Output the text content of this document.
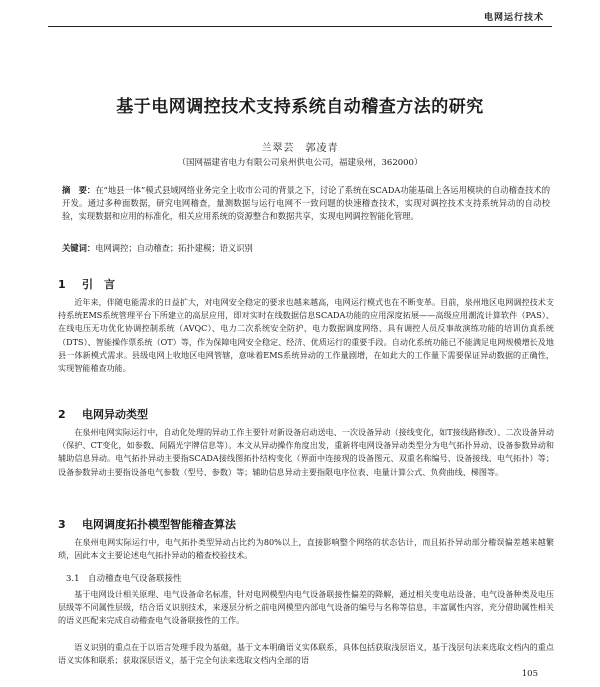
电网运行技术
基于电网调控技术支持系统自动稽查方法的研究
兰翠芸　郭凌青
（国网福建省电力有限公司泉州供电公司，福建泉州，362000）
摘　要：在“地县一体”模式县域网络业务完全上收市公司的背景之下，讨论了系统在SCADA功能基础上各运用模块的自动稽查技术的开发。通过多种面数据，研究电网稽查，量测数据与运行电网不一致问题的快速稽查技术，实现对调控技术支持系统异动的自动校验，实现数据和应用的标准化，相关应用系统的资源整合和数据共享，实现电网调控智能化管理。
关键词：电网调控；自动稽查；拓扑建模；语义识别
1 引　言

近年来，伴随电能需求的日益扩大，对电网安全稳定的要求也越来越高，电网运行模式也在不断变革。目前，泉州地区电网调控技术支持系统EMS系统管理平台下所建立的高层应用，即对实时在线数据信息SCADA功能的应用深度拓展——高级应用潮流计算软件（PAS）、在线电压无功优化协调控制系统（AVQC）、电力二次系统安全防护、电力数据调度网络、具有调控人员反事故演练功能的培训仿真系统（DTS）、智能操作票系统（OT）等，作为保障电网安全稳定、经济、优质运行的重要手段。自动化系统功能已不能满足电网规模增长及地县一体新模式需求。县级电网上收地区电网管辖，意味着EMS系统异动的工作量剧增，在如此大的工作量下需要保证异动数据的正确性，实现智能稽查功能。

2 电网异动类型

在泉州电网实际运行中，自动化处理的异动工作主要针对新设备启动送电、一次设备异动（接线变化，如T接线路修改）、二次设备异动（保护、CT变化，如参数、间隔光字牌信息等）。本文从异动操作角度出发，重新将电网设备异动类型分为电气拓扑异动、设备参数异动和辅助信息异动。电气拓扑异动主要指SCADA接线图拓扑结构变化（界面中连接现的设备图元、双重名称编号、设备接线、电气拓扑）等；设备参数异动主要指设备电气参数（型号、参数）等；辅助信息异动主要指限电序位表、电量计算公式、负荷曲线、梯图等。

3 电网调度拓扑模型智能稽查算法

在泉州电网实际运行中，电气拓扑类型异动占比约为80%以上，直接影响整个网络的状态估计，而且拓扑异动部分稽误偏差越来越繁琐，因此本文主要论述电气拓扑异动的稽查校验技术。

3.1　 自动稽查电气设备联接性

基于电网设计相关原理、电气设备命名标准，针对电网模型内电气设备联接性偏差的降解，通过相关变电站设备、电气设备种类及电压层级等不同属性层级，结合语义识别技术，来逐层分析之前电网模型内部电气设备的编号与名称等信息，丰富属性内容，充分借助属性相关的语义匹配来完成自动稽查电气设备联接性的工作。

语义识别的重点在于以语言处理手段为基础，基于文本明确语义实体联系，具体包括获取浅层语义，基于浅层句法来选取文档内的重点语义实体和联系；获取深层语义，基于完全句法来选取文档内全部的语

105
